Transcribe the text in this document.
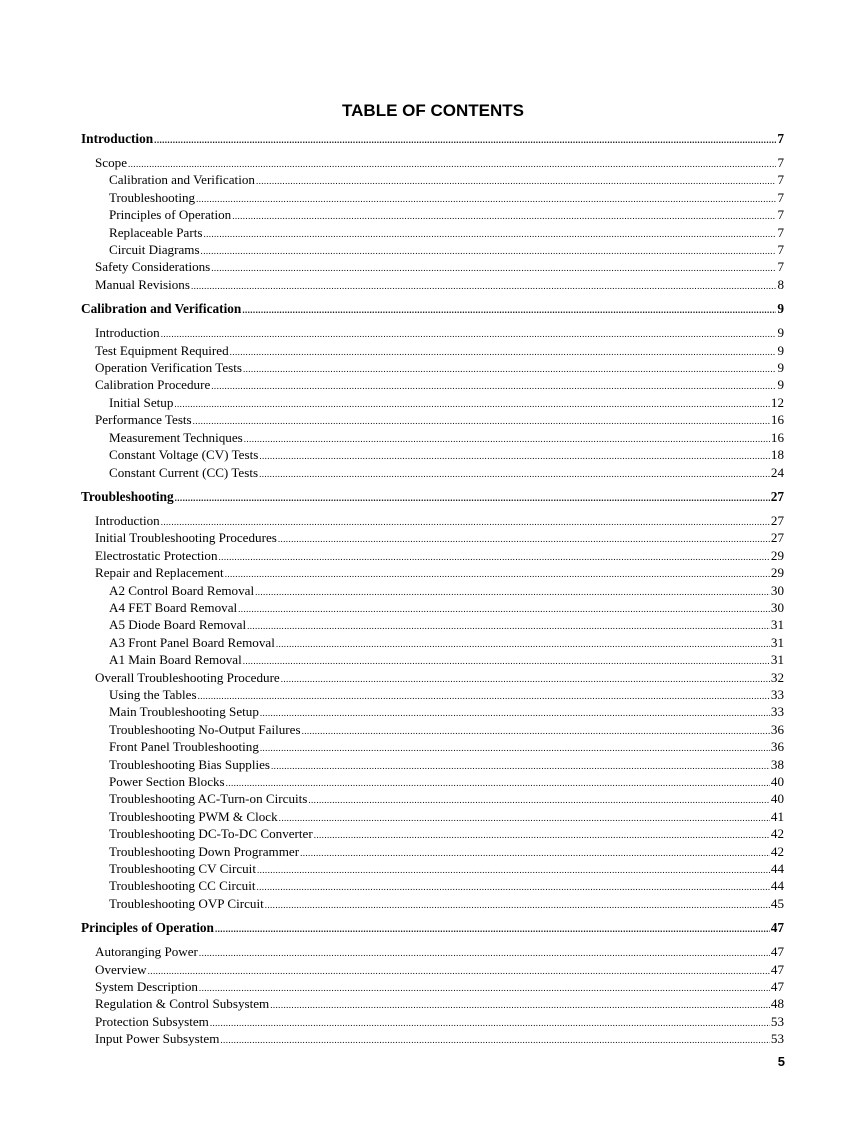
TABLE OF CONTENTS
Introduction .....	7
Scope .....	7
Calibration and Verification .....	7
Troubleshooting .....	7
Principles of Operation .....	7
Replaceable Parts .....	7
Circuit Diagrams .....	7
Safety Considerations .....	7
Manual Revisions .....	8
Calibration and Verification .....	9
Introduction .....	9
Test Equipment Required .....	9
Operation Verification Tests .....	9
Calibration Procedure .....	9
Initial Setup .....	12
Performance Tests .....	16
Measurement Techniques .....	16
Constant Voltage (CV) Tests .....	18
Constant Current (CC) Tests .....	24
Troubleshooting .....	27
Introduction .....	27
Initial Troubleshooting Procedures .....	27
Electrostatic Protection .....	29
Repair and Replacement .....	29
A2 Control Board Removal .....	30
A4 FET Board Removal .....	30
A5 Diode Board Removal .....	31
A3 Front Panel Board Removal .....	31
A1 Main Board Removal .....	31
Overall Troubleshooting Procedure .....	32
Using the Tables .....	33
Main Troubleshooting Setup .....	33
Troubleshooting No-Output Failures .....	36
Front Panel Troubleshooting .....	36
Troubleshooting Bias Supplies .....	38
Power Section Blocks .....	40
Troubleshooting AC-Turn-on Circuits .....	40
Troubleshooting PWM & Clock .....	41
Troubleshooting DC-To-DC Converter .....	42
Troubleshooting Down Programmer .....	42
Troubleshooting CV Circuit .....	44
Troubleshooting CC Circuit .....	44
Troubleshooting OVP Circuit .....	45
Principles of Operation .....	47
Autoranging Power .....	47
Overview .....	47
System Description .....	47
Regulation & Control Subsystem .....	48
Protection Subsystem .....	53
Input Power Subsystem .....	53
5
